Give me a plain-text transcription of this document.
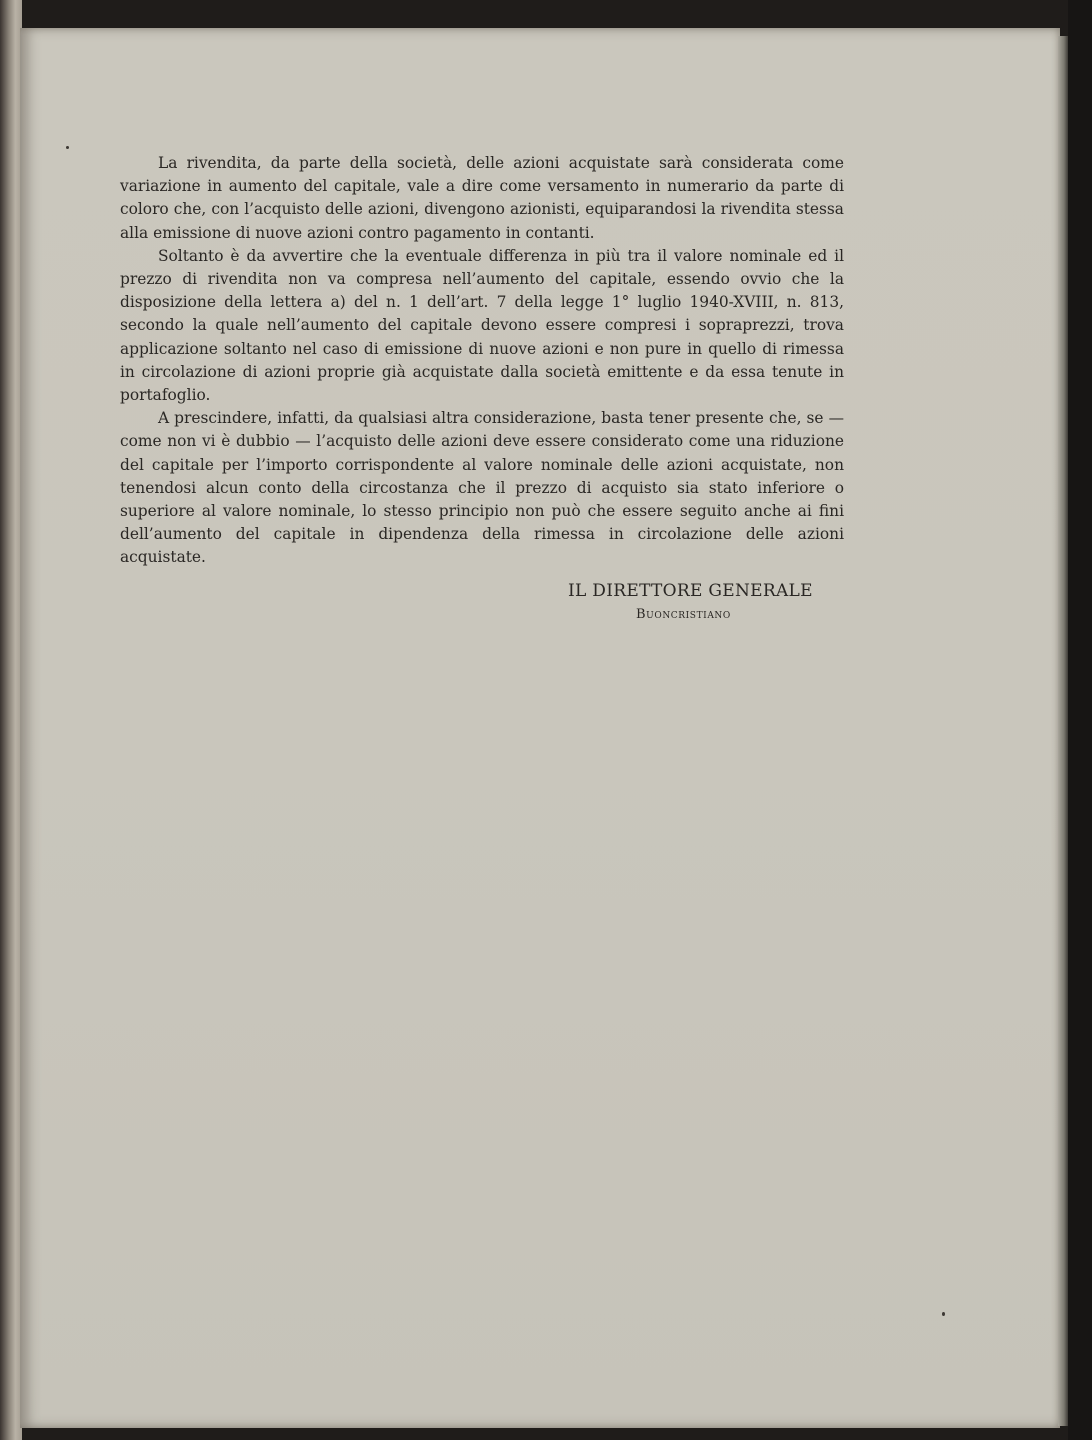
La rivendita, da parte della società, delle azioni acquistate sarà considerata come variazione in aumento del capitale, vale a dire come versamento in numerario da parte di coloro che, con l’acquisto delle azioni, divengono azionisti, equiparandosi la rivendita stessa alla emissione di nuove azioni contro pagamento in contanti.

Soltanto è da avvertire che la eventuale differenza in più tra il valore nominale ed il prezzo di rivendita non va compresa nell’aumento del capitale, essendo ovvio che la disposizione della lettera a) del n. 1 dell’art. 7 della legge 1° luglio 1940-XVIII, n. 813, secondo la quale nell’aumento del capitale devono essere compresi i sopraprezzi, trova applicazione soltanto nel caso di emissione di nuove azioni e non pure in quello di rimessa in circolazione di azioni proprie già acquistate dalla società emittente e da essa tenute in portafoglio.

A prescindere, infatti, da qualsiasi altra considerazione, basta tener presente che, se — come non vi è dubbio — l’acquisto delle azioni deve essere considerato come una riduzione del capitale per l’importo corrispondente al valore nominale delle azioni acquistate, non tenendosi alcun conto della circostanza che il prezzo di acquisto sia stato inferiore o superiore al valore nominale, lo stesso principio non può che essere seguito anche ai fini dell’aumento del capitale in dipendenza della rimessa in circolazione delle azioni acquistate.

IL DIRETTORE GENERALE
Buoncristiano
